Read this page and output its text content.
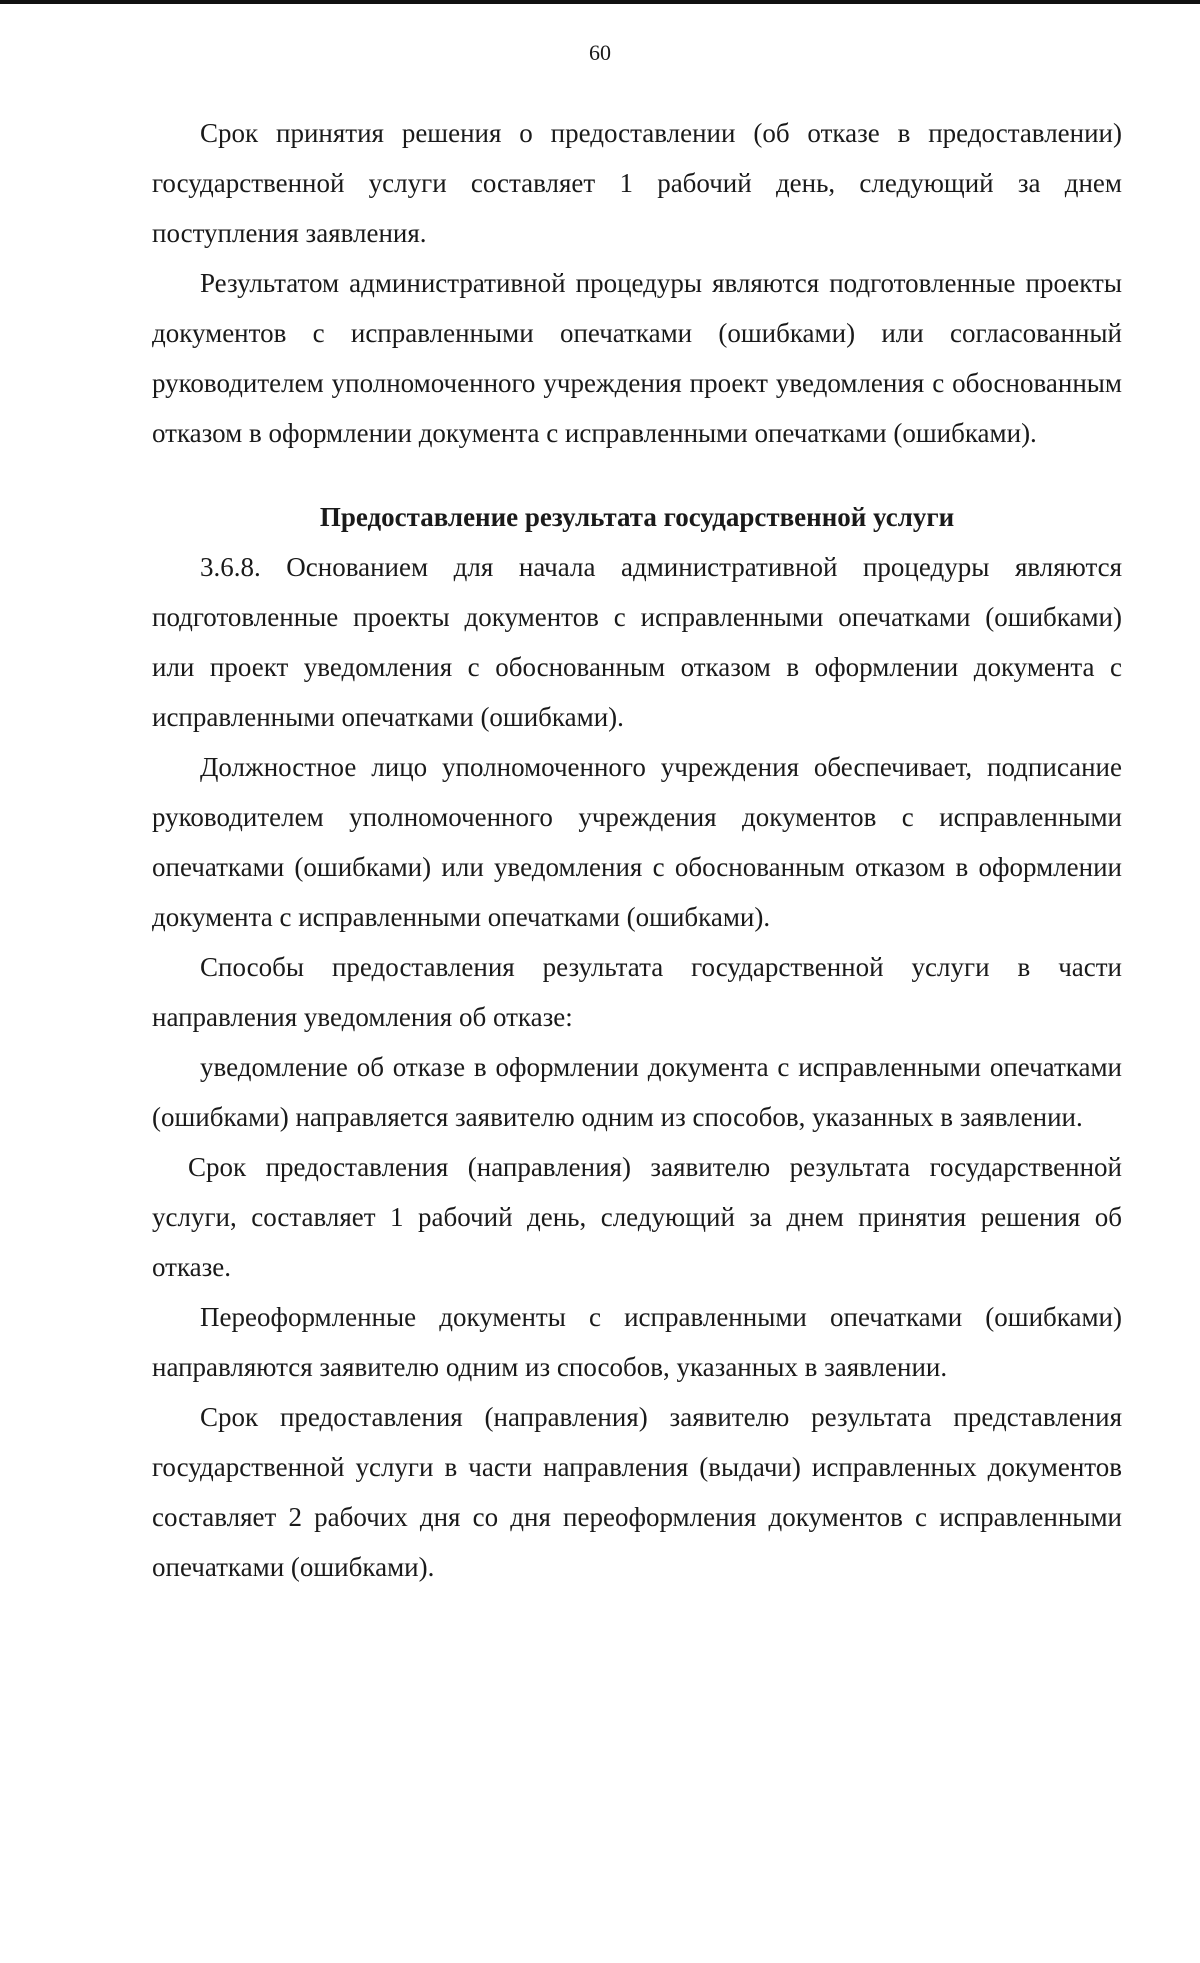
60

Срок принятия решения о предоставлении (об отказе в предоставлении) государственной услуги составляет 1 рабочий день, следующий за днем поступления заявления.

Результатом административной процедуры являются подготовленные проекты документов с исправленными опечатками (ошибками) или согласованный руководителем уполномоченного учреждения проект уведомления с обоснованным отказом в оформлении документа с исправленными опечатками (ошибками).

Предоставление результата государственной услуги

3.6.8. Основанием для начала административной процедуры являются подготовленные проекты документов с исправленными опечатками (ошибками) или проект уведомления с обоснованным отказом в оформлении документа с исправленными опечатками (ошибками).

Должностное лицо уполномоченного учреждения обеспечивает, подписание руководителем уполномоченного учреждения документов с исправленными опечатками (ошибками) или уведомления с обоснованным отказом в оформлении документа с исправленными опечатками (ошибками).

Способы предоставления результата государственной услуги в части направления уведомления об отказе:

уведомление об отказе в оформлении документа с исправленными опечатками (ошибками) направляется заявителю одним из способов, указанных в заявлении.

Срок предоставления (направления) заявителю результата государственной услуги, составляет 1 рабочий день, следующий за днем принятия решения об отказе.

Переоформленные документы с исправленными опечатками (ошибками) направляются заявителю одним из способов, указанных в заявлении.

Срок предоставления (направления) заявителю результата представления государственной услуги в части направления (выдачи) исправленных документов составляет 2 рабочих дня со дня переоформления документов с исправленными опечатками (ошибками).
